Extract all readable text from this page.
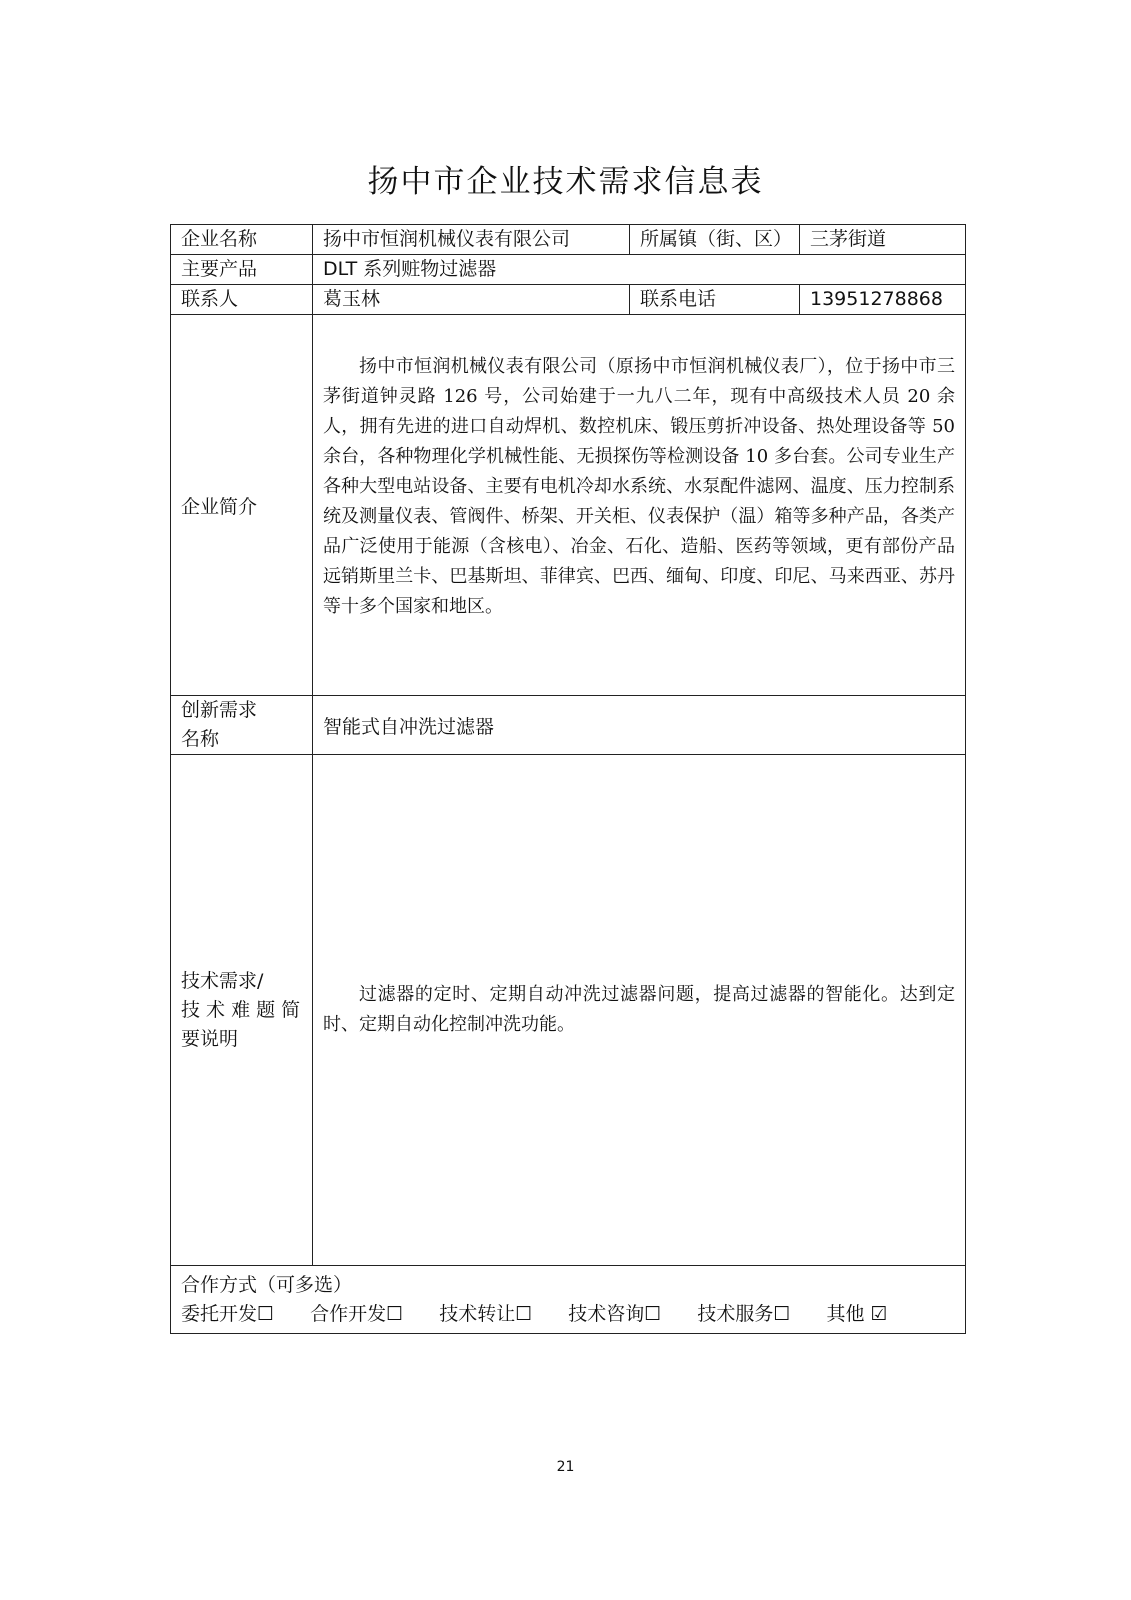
扬中市企业技术需求信息表
企业名称	扬中市恒润机械仪表有限公司	所属镇（街、区）	三茅街道
主要产品	DLT 系列赃物过滤器		
联系人	葛玉林	联系电话	13951278868
企业简介	扬中市恒润机械仪表有限公司（原扬中市恒润机械仪表厂），位于扬中市三茅街道钟灵路 126 号，公司始建于一九八二年，现有中高级技术人员 20 余人，拥有先进的进口自动焊机、数控机床、锻压剪折冲设备、热处理设备等 50 余台，各种物理化学机械性能、无损探伤等检测设备 10 多台套。公司专业生产各种大型电站设备、主要有电机冷却水系统、水泵配件滤网、温度、压力控制系统及测量仪表、管阀件、桥架、开关柜、仪表保护（温）箱等多种产品，各类产品广泛使用于能源（含核电）、冶金、石化、造船、医药等领域，更有部份产品远销斯里兰卡、巴基斯坦、菲律宾、巴西、缅甸、印度、印尼、马来西亚、苏丹等十多个国家和地区。		

创新需求
名称	智能式自冲洗过滤器		

技术需求/
技 术 难 题 简
要说明	过滤器的定时、定期自动冲洗过滤器问题，提高过滤器的智能化。达到定时、定期自动化控制冲洗功能。		

合作方式（可多选）
委托开发☐ 合作开发☐ 技术转让☐ 技术咨询☐ 技术服务☐ 其他 ☑			
21
